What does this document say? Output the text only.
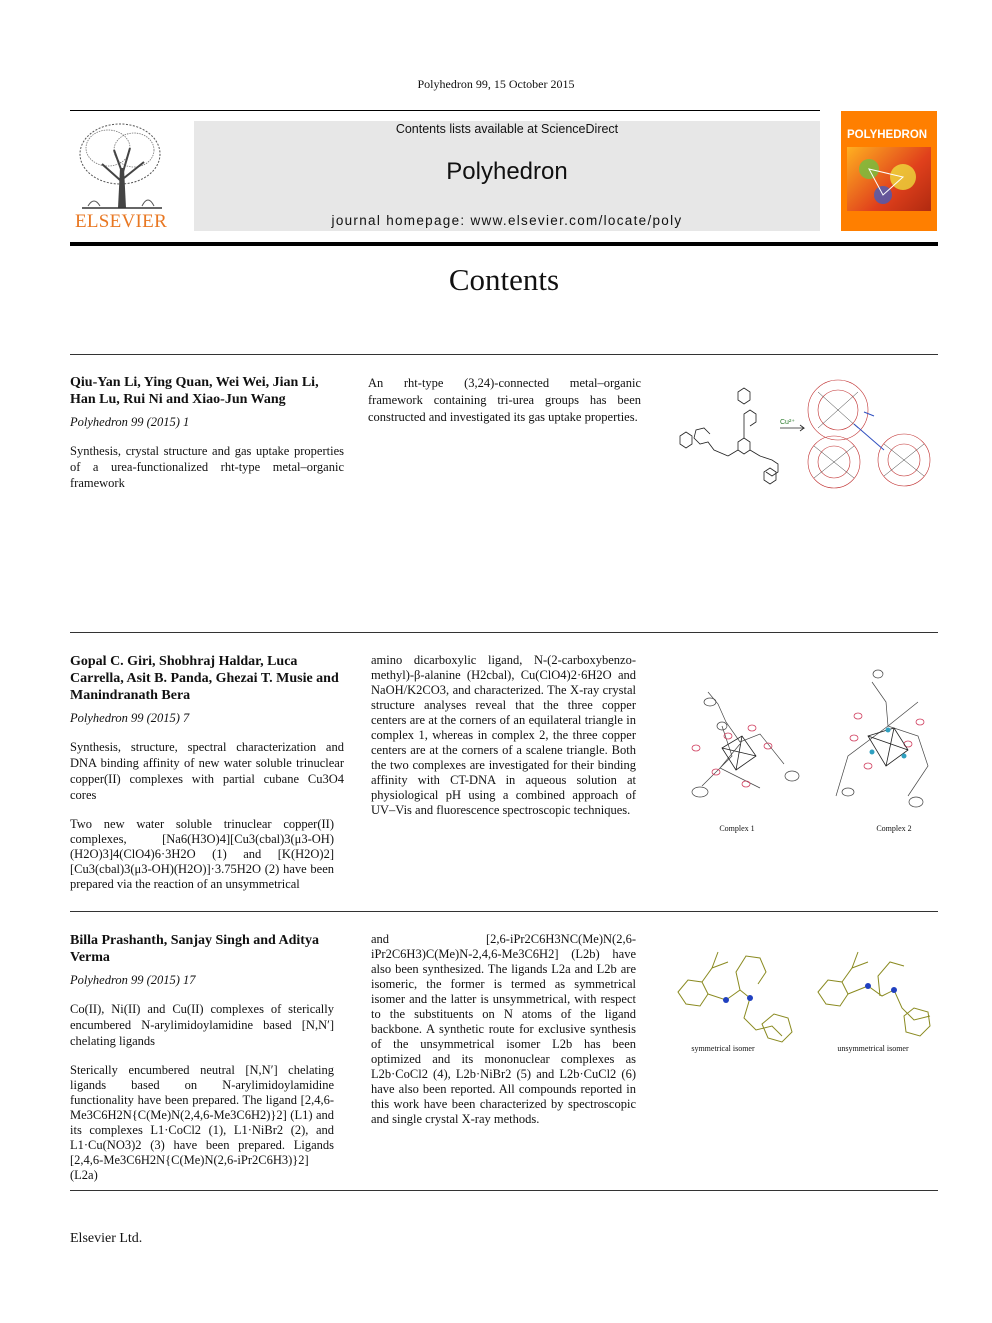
Polyhedron 99, 15 October 2015
ELSEVIER
Contents lists available at ScienceDirect
Polyhedron
journal homepage: www.elsevier.com/locate/poly
POLYHEDRON
Contents
Qiu-Yan Li, Ying Quan, Wei Wei, Jian Li, Han Lu, Rui Ni and Xiao-Jun Wang
Polyhedron 99 (2015) 1
Synthesis, crystal structure and gas uptake properties of a urea-functionalized rht-type metal–organic framework
An rht-type (3,24)-connected metal–organic framework containing tri-urea groups has been constructed and investigated its gas uptake properties.	Cu²⁺
Gopal C. Giri, Shobhraj Haldar, Luca Carrella, Asit B. Panda, Ghezai T. Musie and Manindranath Bera
Polyhedron 99 (2015) 7
Synthesis, structure, spectral characterization and DNA binding affinity of new water soluble trinuclear copper(II) complexes with partial cubane Cu3O4 cores
Two new water soluble trinuclear copper(II) complexes, [Na6(H3O)4][Cu3(cbal)3(μ3-OH)(H2O)3]4(ClO4)6·3H2O (1) and [K(H2O)2][Cu3(cbal)3(μ3-OH)(H2O)]·3.75H2O (2) have been prepared via the reaction of an unsymmetrical
amino dicarboxylic ligand, N-(2-carboxybenzo-methyl)-β-alanine (H2cbal), Cu(ClO4)2·6H2O and NaOH/K2CO3, and characterized. The X-ray crystal structure analyses reveal that the three copper centers are at the corners of an equilateral triangle in complex 1, whereas in complex 2, the three copper centers are at the corners of a scalene triangle. Both the two complexes are investigated for their binding affinity with CT-DNA in aqueous solution at physiological pH using a combined approach of UV–Vis and fluorescence spectroscopic techniques.
Complex 1	Complex 2
Billa Prashanth, Sanjay Singh and Aditya Verma
Polyhedron 99 (2015) 17
Co(II), Ni(II) and Cu(II) complexes of sterically encumbered N-arylimidoylamidine based [N,N′] chelating ligands
Sterically encumbered neutral [N,N′] chelating ligands based on N-arylimidoylamidine functionality have been prepared. The ligand [2,4,6-Me3C6H2N{C(Me)N(2,4,6-Me3C6H2)}2] (L1) and its complexes L1·CoCl2 (1), L1·NiBr2 (2), and L1·Cu(NO3)2 (3) have been prepared. Ligands [2,4,6-Me3C6H2N{C(Me)N(2,6-iPr2C6H3)}2] (L2a)
and [2,6-iPr2C6H3NC(Me)N(2,6-iPr2C6H3)C(Me)N-2,4,6-Me3C6H2] (L2b) have also been synthesized. The ligands L2a and L2b are isomeric, the former is termed as symmetrical isomer and the latter is unsymmetrical, with respect to the substituents on N atoms of the ligand backbone. A synthetic route for exclusive synthesis of the unsymmetrical isomer L2b has been optimized and its mononuclear complexes as L2b·CoCl2 (4), L2b·NiBr2 (5) and L2b·CuCl2 (6) have also been reported. All compounds reported in this work have been characterized by spectroscopic and single crystal X-ray methods.
symmetrical isomer	unsymmetrical isomer
Elsevier Ltd.
